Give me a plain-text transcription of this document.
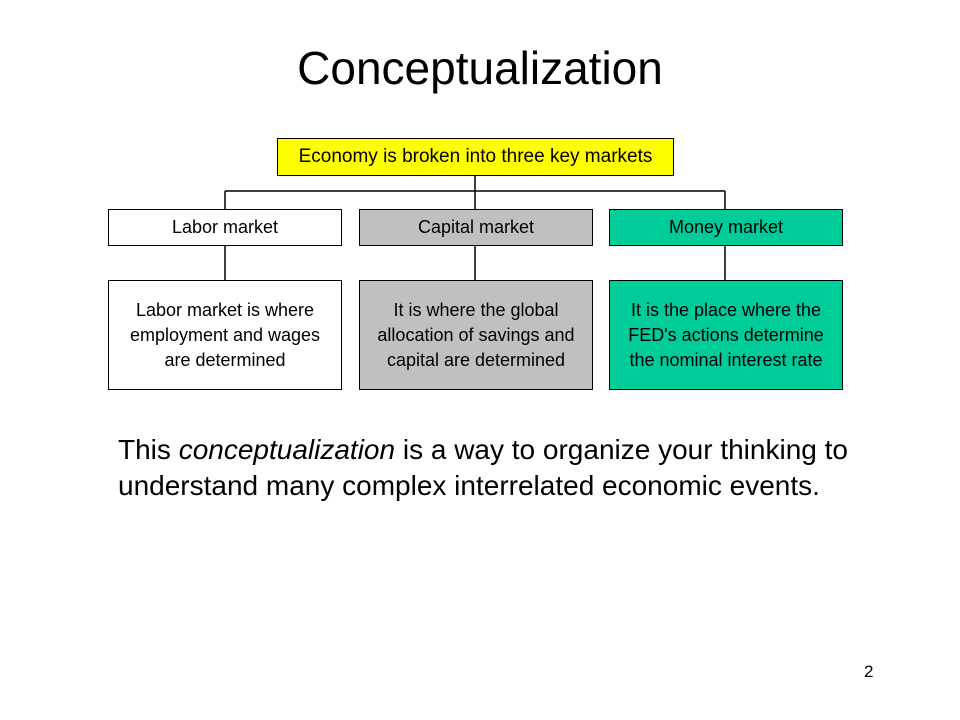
Conceptualization
Economy is broken into three key markets
Labor market	Capital market	Money market
Labor market is where employment and wages are determined
It is where the global allocation of savings and capital are determined
It is the place where the FED's actions determine the nominal interest rate

This conceptualization is a way to organize your thinking to understand many complex interrelated economic events.

2
